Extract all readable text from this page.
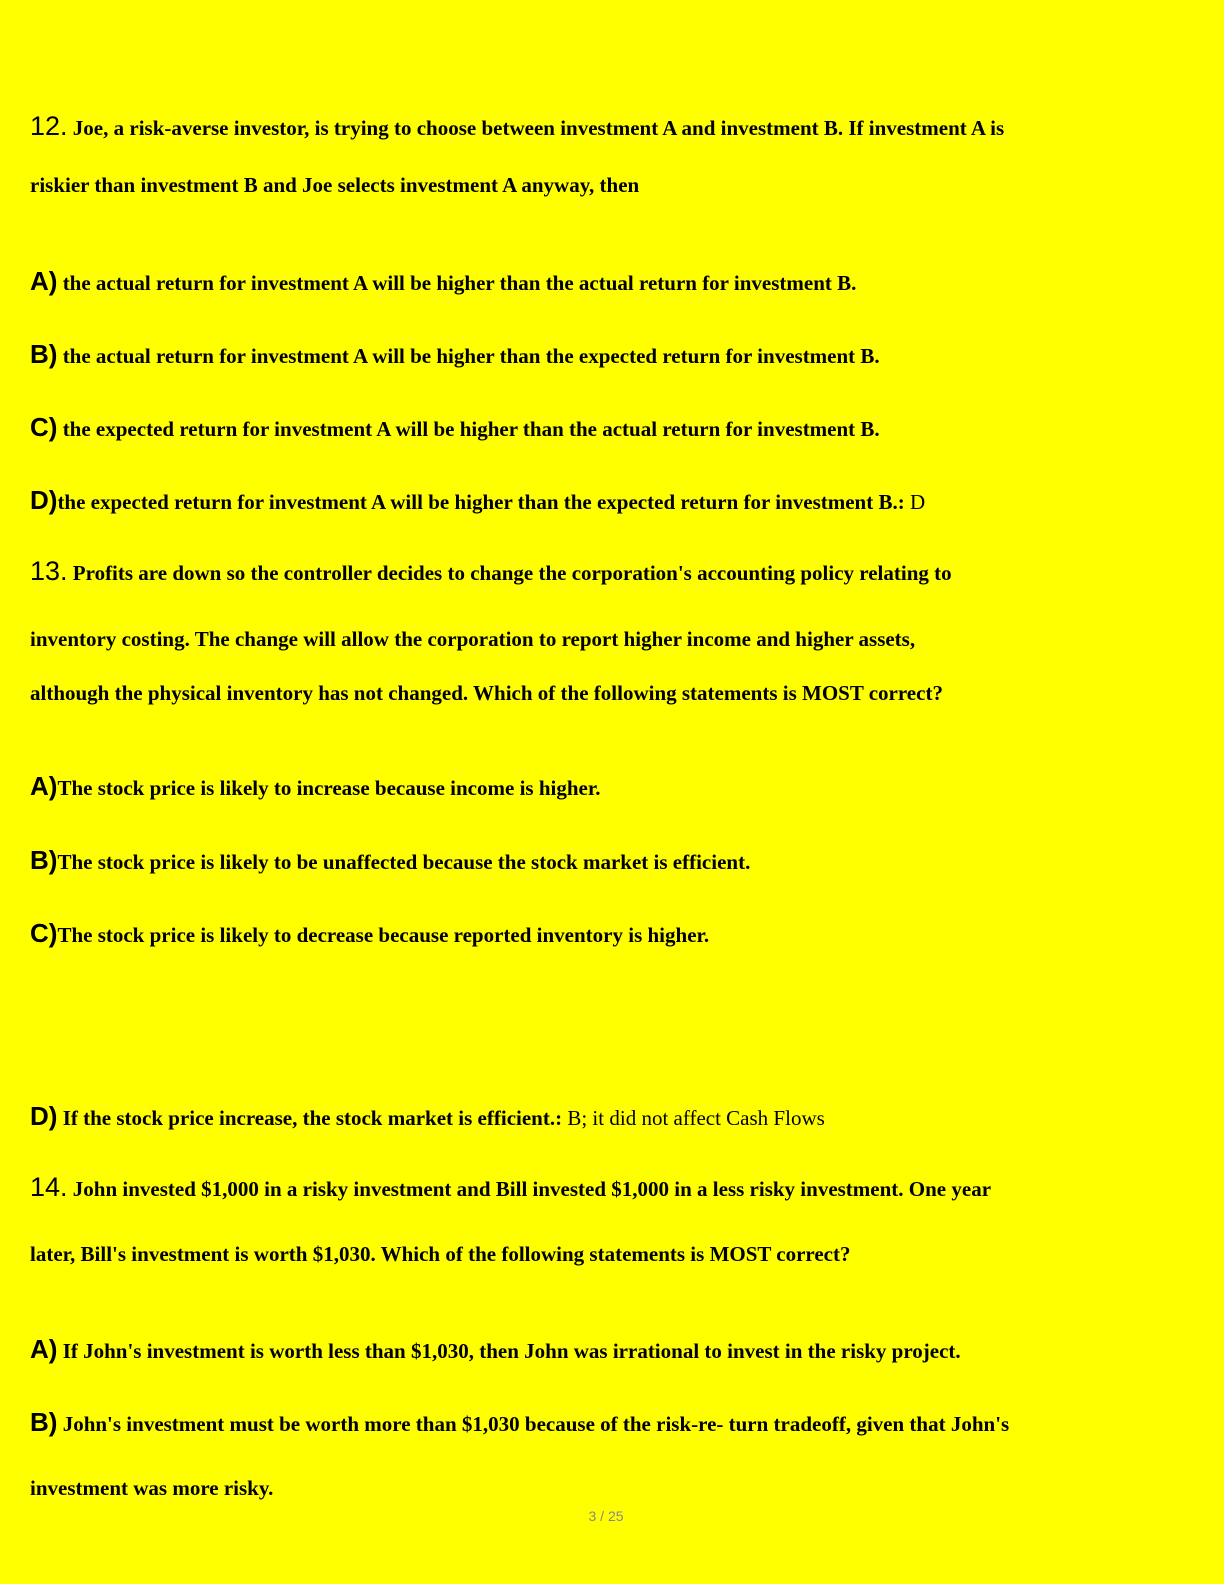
12. Joe, a risk-averse investor, is trying to choose between investment A and investment B. If investment A is
riskier than investment B and Joe selects investment A anyway, then
A) the actual return for investment A will be higher than the actual return for investment B.
B) the actual return for investment A will be higher than the expected return for investment B.
C) the expected return for investment A will be higher than the actual return for investment B.
D)the expected return for investment A will be higher than the expected return for investment B.: D
13. Profits are down so the controller decides to change the corporation's accounting policy relating to
inventory costing. The change will allow the corporation to report higher income and higher assets,
although the physical inventory has not changed. Which of the following statements is MOST correct?
A)The stock price is likely to increase because income is higher.
B)The stock price is likely to be unaffected because the stock market is efficient.
C)The stock price is likely to decrease because reported inventory is higher.
D) If the stock price increase, the stock market is efficient.: B; it did not affect Cash Flows
14. John invested $1,000 in a risky investment and Bill invested $1,000 in a less risky investment. One year
later, Bill's investment is worth $1,030. Which of the following statements is MOST correct?
A) If John's investment is worth less than $1,030, then John was irrational to invest in the risky project.
B) John's investment must be worth more than $1,030 because of the risk-re- turn tradeoff, given that John's
investment was more risky.
3 / 25
